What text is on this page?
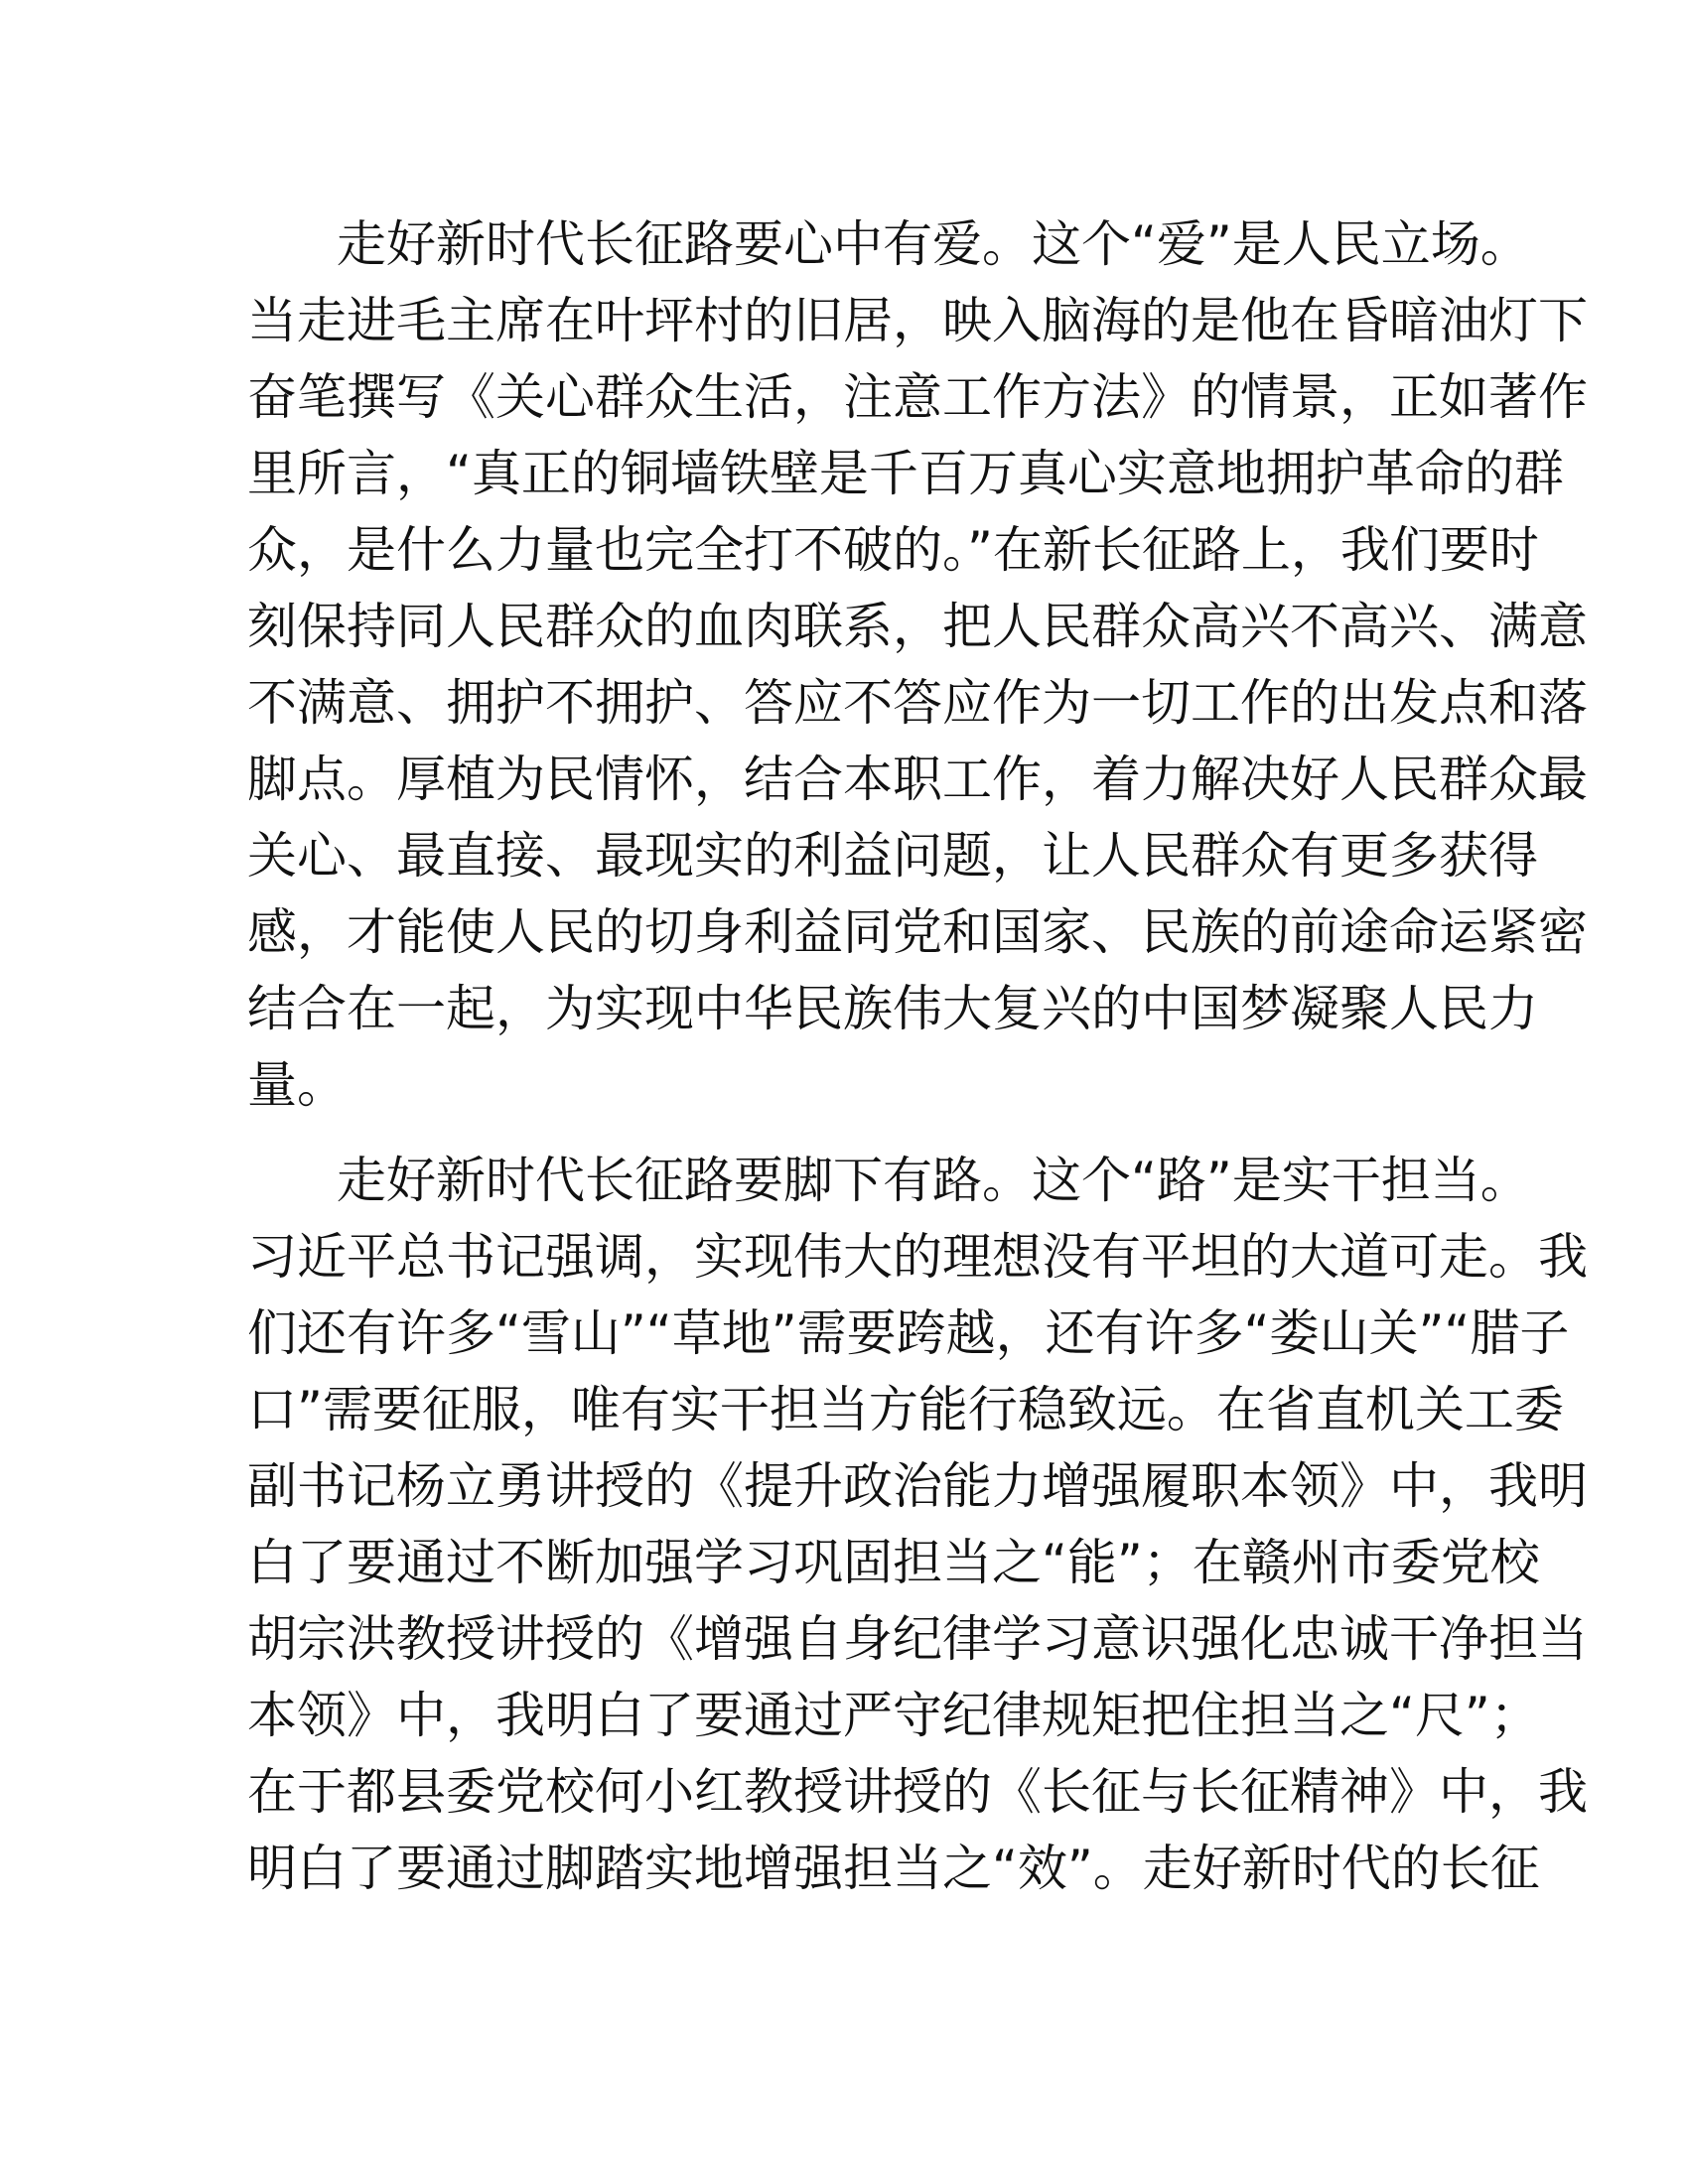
走好新时代长征路要心中有爱。这个“爱”是人民立场。
当走进毛主席在叶坪村的旧居，映入脑海的是他在昏暗油灯下
奋笔撰写《关心群众生活，注意工作方法》的情景，正如著作
里所言，“真正的铜墙铁壁是千百万真心实意地拥护革命的群
众，是什么力量也完全打不破的。”在新长征路上，我们要时
刻保持同人民群众的血肉联系，把人民群众高兴不高兴、满意
不满意、拥护不拥护、答应不答应作为一切工作的出发点和落
脚点。厚植为民情怀，结合本职工作，着力解决好人民群众最
关心、最直接、最现实的利益问题，让人民群众有更多获得
感，才能使人民的切身利益同党和国家、民族的前途命运紧密
结合在一起，为实现中华民族伟大复兴的中国梦凝聚人民力
量。
走好新时代长征路要脚下有路。这个“路”是实干担当。
习近平总书记强调，实现伟大的理想没有平坦的大道可走。我
们还有许多“雪山”“草地”需要跨越，还有许多“娄山关”“腊子
口”需要征服，唯有实干担当方能行稳致远。在省直机关工委
副书记杨立勇讲授的《提升政治能力增强履职本领》中，我明
白了要通过不断加强学习巩固担当之“能”；在赣州市委党校
胡宗洪教授讲授的《增强自身纪律学习意识强化忠诚干净担当
本领》中，我明白了要通过严守纪律规矩把住担当之“尺”；
在于都县委党校何小红教授讲授的《长征与长征精神》中，我
明白了要通过脚踏实地增强担当之“效”。走好新时代的长征
